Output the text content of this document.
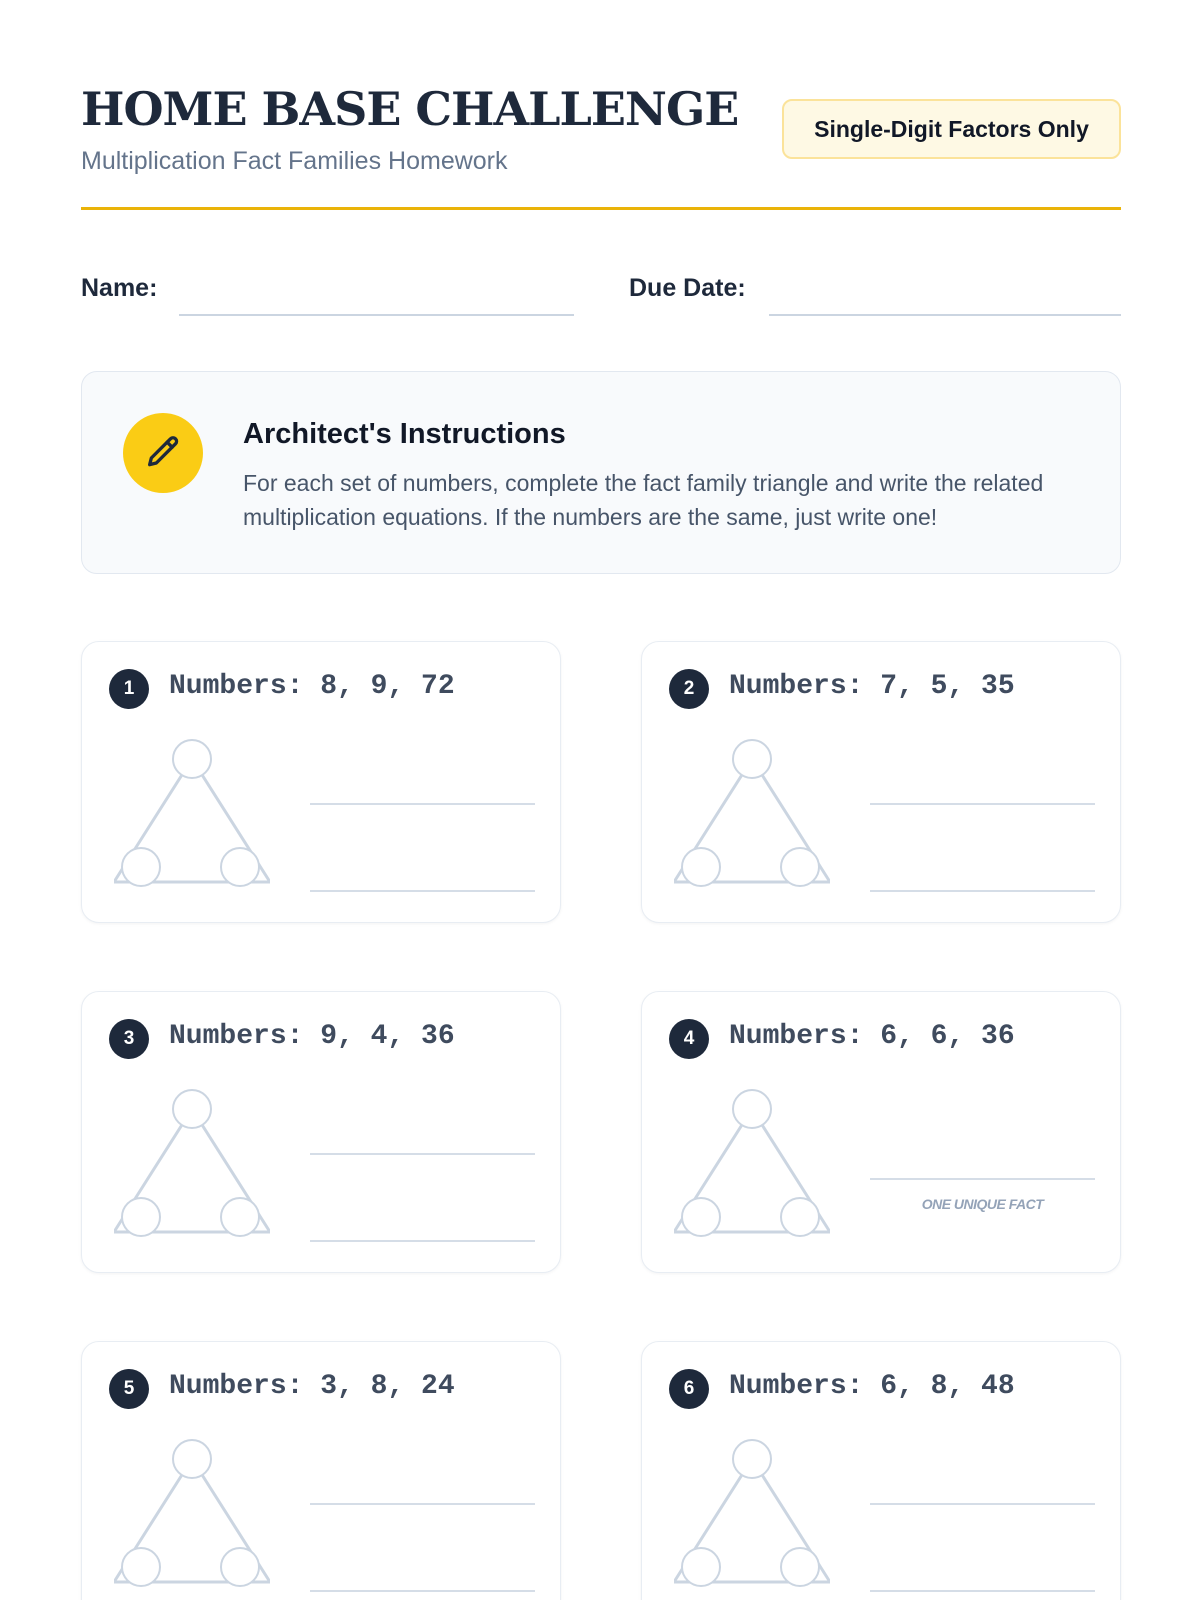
HOME BASE CHALLENGE
Multiplication Fact Families Homework
Single-Digit Factors Only
Name:	Due Date:
Architect's Instructions
For each set of numbers, complete the fact family triangle and write the related multiplication equations. If the numbers are the same, just write one!
1	Numbers: 8, 9, 72	2	Numbers: 7, 5, 35
3	Numbers: 9, 4, 36	4	Numbers: 6, 6, 36
ONE UNIQUE FACT
5	Numbers: 3, 8, 24	6	Numbers: 6, 8, 48
